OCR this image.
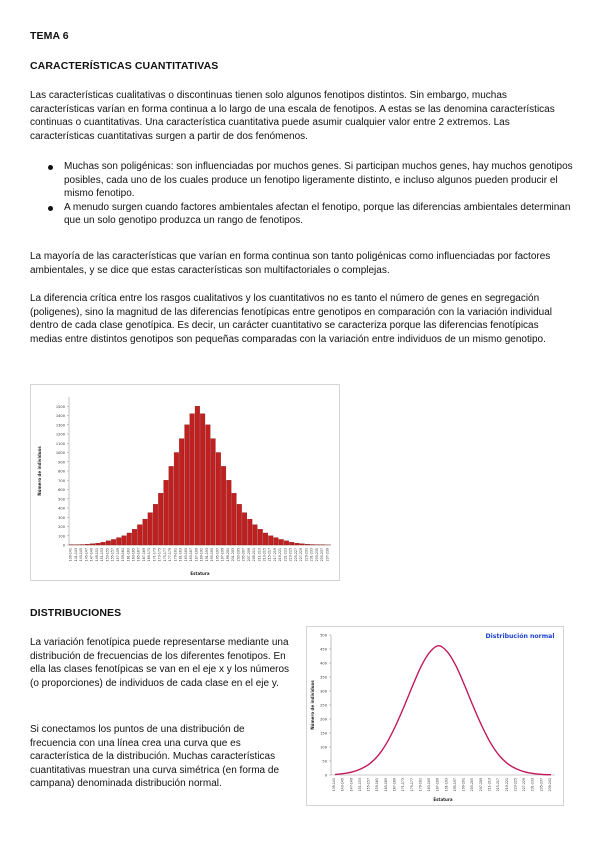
TEMA 6
CARACTERÍSTICAS CUANTITATIVAS
Las características cualitativas o discontinuas tienen solo algunos fenotipos distintos. Sin embargo, muchas características varían en forma continua a lo largo de una escala de fenotipos. A estas se las denomina características continuas o cuantitativas. Una característica cuantitativa puede asumir cualquier valor entre 2 extremos. Las características cuantitativas surgen a partir de dos fenómenos.
Muchas son poligénicas: son influenciadas por muchos genes. Si participan muchos genes, hay muchos genotipos posibles, cada uno de los cuales produce un fenotipo ligeramente distinto, e incluso algunos pueden producir el mismo fenotipo.
A menudo surgen cuando factores ambientales afectan el fenotipo, porque las diferencias ambientales determinan que un solo genotipo produzca un rango de fenotipos.
La mayoría de las características que varían en forma continua son tanto poligénicas como influenciadas por factores ambientales, y se dice que estas características son multifactoriales o complejas.
La diferencia crítica entre los rasgos cualitativos y los cuantitativos no es tanto el número de genes en segregación (poligenes), sino la magnitud de las diferencias fenotípicas entre genotipos en comparación con la variación individual dentro de cada clase genotípica. Es decir, un carácter cuantitativo se caracteriza porque las diferencias fenotípicas medias entre distintos genotipos son pequeñas comparadas con la variación entre individuos de un mismo genotipo.
0
100
200
300
400
500
600
700
800
900
1000
1100
1200
1300
1400
1500
139-141 141-143 143-145 145-147 147-149 149-151 151-153 153-155 155-157 157-159 159-161 161-163 163-165 165-167 167-169 169-171 171-173 173-175 175-177 177-179 179-181 181-183 183-185 185-187 187-189 189-191 191-193 193-195 195-197 197-199 199-201 201-203 203-205 205-207 207-209 209-211 211-213 213-215 215-217 217-219 219-221 221-223 223-225 225-227 227-229 229-231 231-233 233-235 235-237 237-239
Número de individuos
Estatura
DISTRIBUCIONES
La variación fenotípica puede representarse mediante una distribución de frecuencias de los diferentes fenotipos. En ella las clases fenotípicas se van en el eje x y los números (o proporciones) de individuos de cada clase en el eje y.
Si conectamos los puntos de una distribución de frecuencia con una línea crea una curva que es característica de la distribución. Muchas características cuantitativas muestran una curva simétrica (en forma de campana) denominada distribución normal.
0
50
100
150
200
250
300
350
400
450
500
139-141 143-145 147-149 151-153 155-157 159-161 163-165 167-169 171-173 175-177 179-181 183-185 187-189 191-193 195-197 199-201 203-205 207-209 211-213 215-217 219-221 223-225 227-229 231-233 235-237 239-241
Distribución normal
Número de individuos
Estatura
